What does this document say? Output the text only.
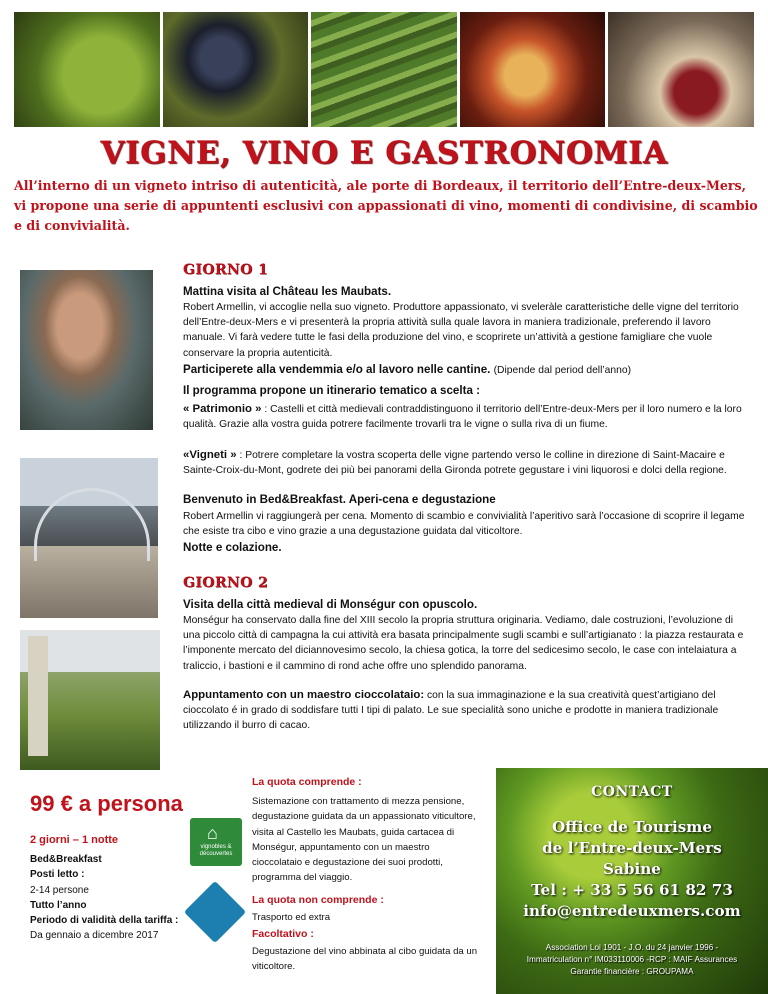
VIGNE, VINO E GASTRONOMIA
All’interno di un vigneto intriso di autenticità, ale porte di Bordeaux, il territorio dell’Entre-deux-Mers, vi propone una serie di appuntenti esclusivi con appassionati di vino, momenti di condivisine, di scambio e di convivialità.
GIORNO 1
Mattina visita al Château les Maubats.
Robert Armellin, vi accoglie nella suo vigneto. Produttore appassionato, vi sveleràle caratteristiche delle vigne del territorio dell’Entre-deux-Mers e vi presenterà la propria attività sulla quale lavora in maniera tradizionale, preferendo il lavoro manuale. Vi farà vedere tutte le fasi della produzione del vino, e scoprirete un’attività a gestione famigliare che vuole conservare la propria autenticità.
Participerete alla vendemmia e/o al lavoro nelle cantine. (Dipende dal period dell’anno)
Il programma propone un itinerario tematico a scelta :
« Patrimonio » : Castelli et città medievali contraddistinguono il territorio dell’Entre-deux-Mers per il loro numero e la loro qualità. Grazie alla vostra guida potrere facilmente trovarli tra le vigne o sulla riva di un fiume.
«Vigneti » : Potrere completare la vostra scoperta delle vigne partendo verso le colline in direzione di Saint-Macaire e Sainte-Croix-du-Mont, godrete dei più bei panorami della Gironda potrete gegustare i vini liquorosi e dolci della regione.
Benvenuto in Bed&Breakfast. Aperi-cena e degustazione
Robert Armellin vi raggiungerà per cena. Momento di scambio e convivialità l’aperitivo sarà l’occasione di scoprire il legame che esiste tra cibo e vino grazie a una degustazione guidata dal viticoltore.
Notte e colazione.
GIORNO 2
Visita della città medieval di Monségur con opuscolo.
Monségur ha conservato dalla fine del XIII secolo la propria struttura originaria. Vediamo, dale costruzioni, l’evoluzione di una piccolo città di campagna la cui attività era basata principalmente sugli scambi e sull’artigianato : la piazza restaurata e l’imponente mercato del diciannovesimo secolo, la chiesa gotica, la torre del sedicesimo secolo, le case con intelaiatura a traliccio, i bastioni e il cammino di rond ache offre uno splendido panorama.
Appuntamento con un maestro cioccolataio: con la sua immaginazione e la sua creatività quest’artigiano del cioccolato é in grado di soddisfare tutti I tipi di palato. Le sue specialità sono uniche e prodotte in maniera tradizionale utilizzando il burro di cacao.
99 € a persona
2 giorni – 1 notte
Bed&Breakfast
Posti letto :
2-14 persone
Tutto l’anno
Periodo di validità della tariffa :
Da gennaio a dicembre 2017
⌂
vignobles & découvertes
La quota comprende :
Sistemazione con trattamento di mezza pensione, degustazione guidata da un appassionato viticultore, visita al Castello les Maubats, guida cartacea di Monségur, appuntamento con un maestro cioccolataio e degustazione dei suoi prodotti, programma del viaggio.
La quota non comprende :
Trasporto ed extra
Facoltativo :
Degustazione del vino abbinata al cibo guidata da un viticoltore.
CONTACT
Office de Tourisme
de l’Entre-deux-Mers
Sabine
Tel : + 33 5 56 61 82 73
info@entredeuxmers.com
Association Loi 1901 - J.O. du 24 janvier 1996 -
Immatriculation n° IM033110006 -RCP : MAIF Assurances
Garantie financière : GROUPAMA
